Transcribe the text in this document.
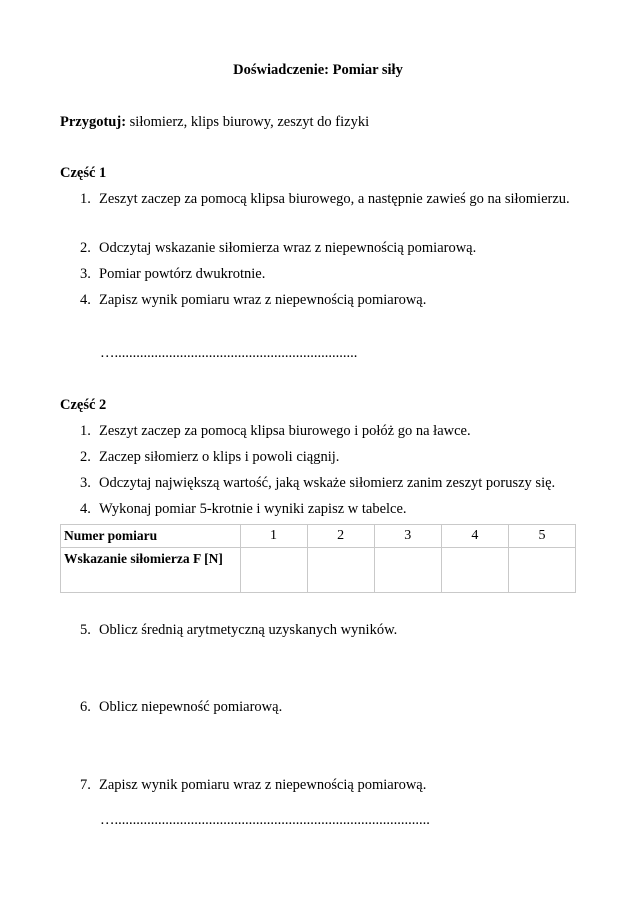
Doświadczenie: Pomiar siły
Przygotuj: siłomierz, klips biurowy, zeszyt do fizyki
Część 1
1. Zeszyt zaczep za pomocą klipsa biurowego, a następnie zawieś go na siłomierzu.
2. Odczytaj wskazanie siłomierza wraz z niepewnością pomiarową.
3. Pomiar powtórz dwukrotnie.
4. Zapisz wynik pomiaru wraz z niepewnością pomiarową.
…...................................................................
Część 2
1. Zeszyt zaczep za pomocą klipsa biurowego i połóż go na ławce.
2. Zaczep siłomierz o klips i powoli ciągnij.
3. Odczytaj największą wartość, jaką wskaże siłomierz zanim zeszyt poruszy się.
4. Wykonaj pomiar 5-krotnie i wyniki zapisz w tabelce.
Numer pomiaru	1	2	3	4	5
Wskazanie siłomierza F [N]					
5. Oblicz średnią arytmetyczną uzyskanych wyników.
6. Oblicz niepewność pomiarową.
7. Zapisz wynik pomiaru wraz z niepewnością pomiarową.
….......................................................................................
